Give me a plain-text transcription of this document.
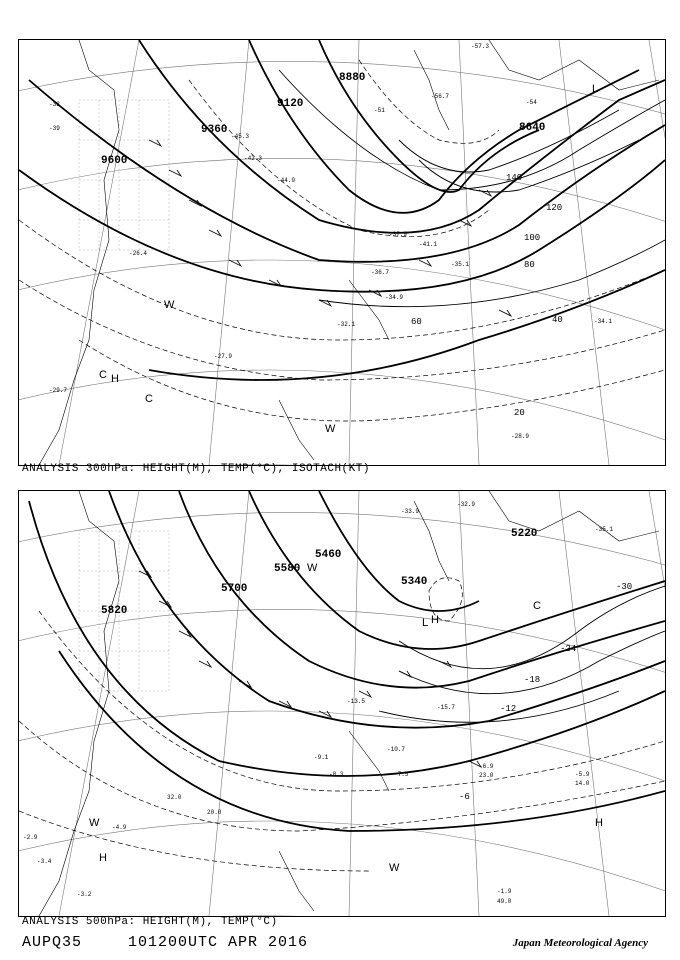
9600
9360
9120
8880
8640
20
40
60
80
100
120
140
-33
-39
-42.3
-44.9
-45.3
-51
-54
-56.7
-57.3
-36.7
-35.1
-34.9
-32.1
-29.7
-28.9
-27.9
-26.4
-34.1
-37.9
-41.1
H
C
C
W
W
L
ANALYSIS 300hPa: HEIGHT(M), TEMP(°C), ISOTACH(KT)
5820
5700
5580
5460
5340
5220
-30
-24
-18
-12
-6
-32.9
-33.9
-35.1
-13.5
-15.7
-10.7
-9.1
-8.3	-7.5
-6.9
-5.9
-4.9
-3.2
-3.4
-2.9
-1.9
49.0
23.0
14.0
32.0
20.0
H
H
H
C
W
W
W
L
ANALYSIS 500hPa: HEIGHT(M), TEMP(°C)
AUPQ35	101200UTC APR 2016	Japan Meteorological Agency
